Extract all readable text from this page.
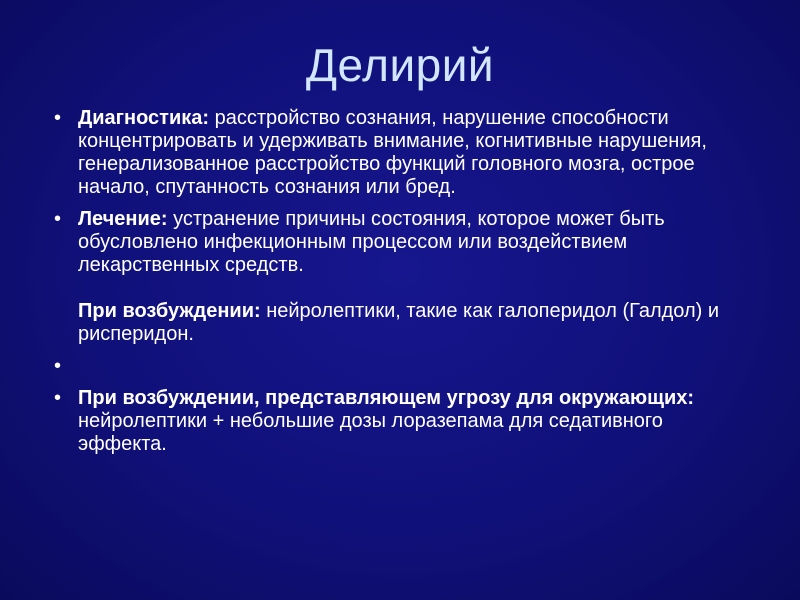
Делирий
• Диагностика: расстройство сознания, нарушение способности концентрировать и удерживать внимание, когнитивные нарушения, генерализованное расстройство функций головного мозга, острое начало, спутанность сознания или бред.
• Лечение: устранение причины состояния, которое может быть обусловлено инфекционным процессом или воздействием лекарственных средств.
При возбуждении: нейролептики, такие как галоперидол (Галдол) и рисперидон.
•
• При возбуждении, представляющем угрозу для окружающих: нейролептики + небольшие дозы лоразепама для седативного эффекта.
